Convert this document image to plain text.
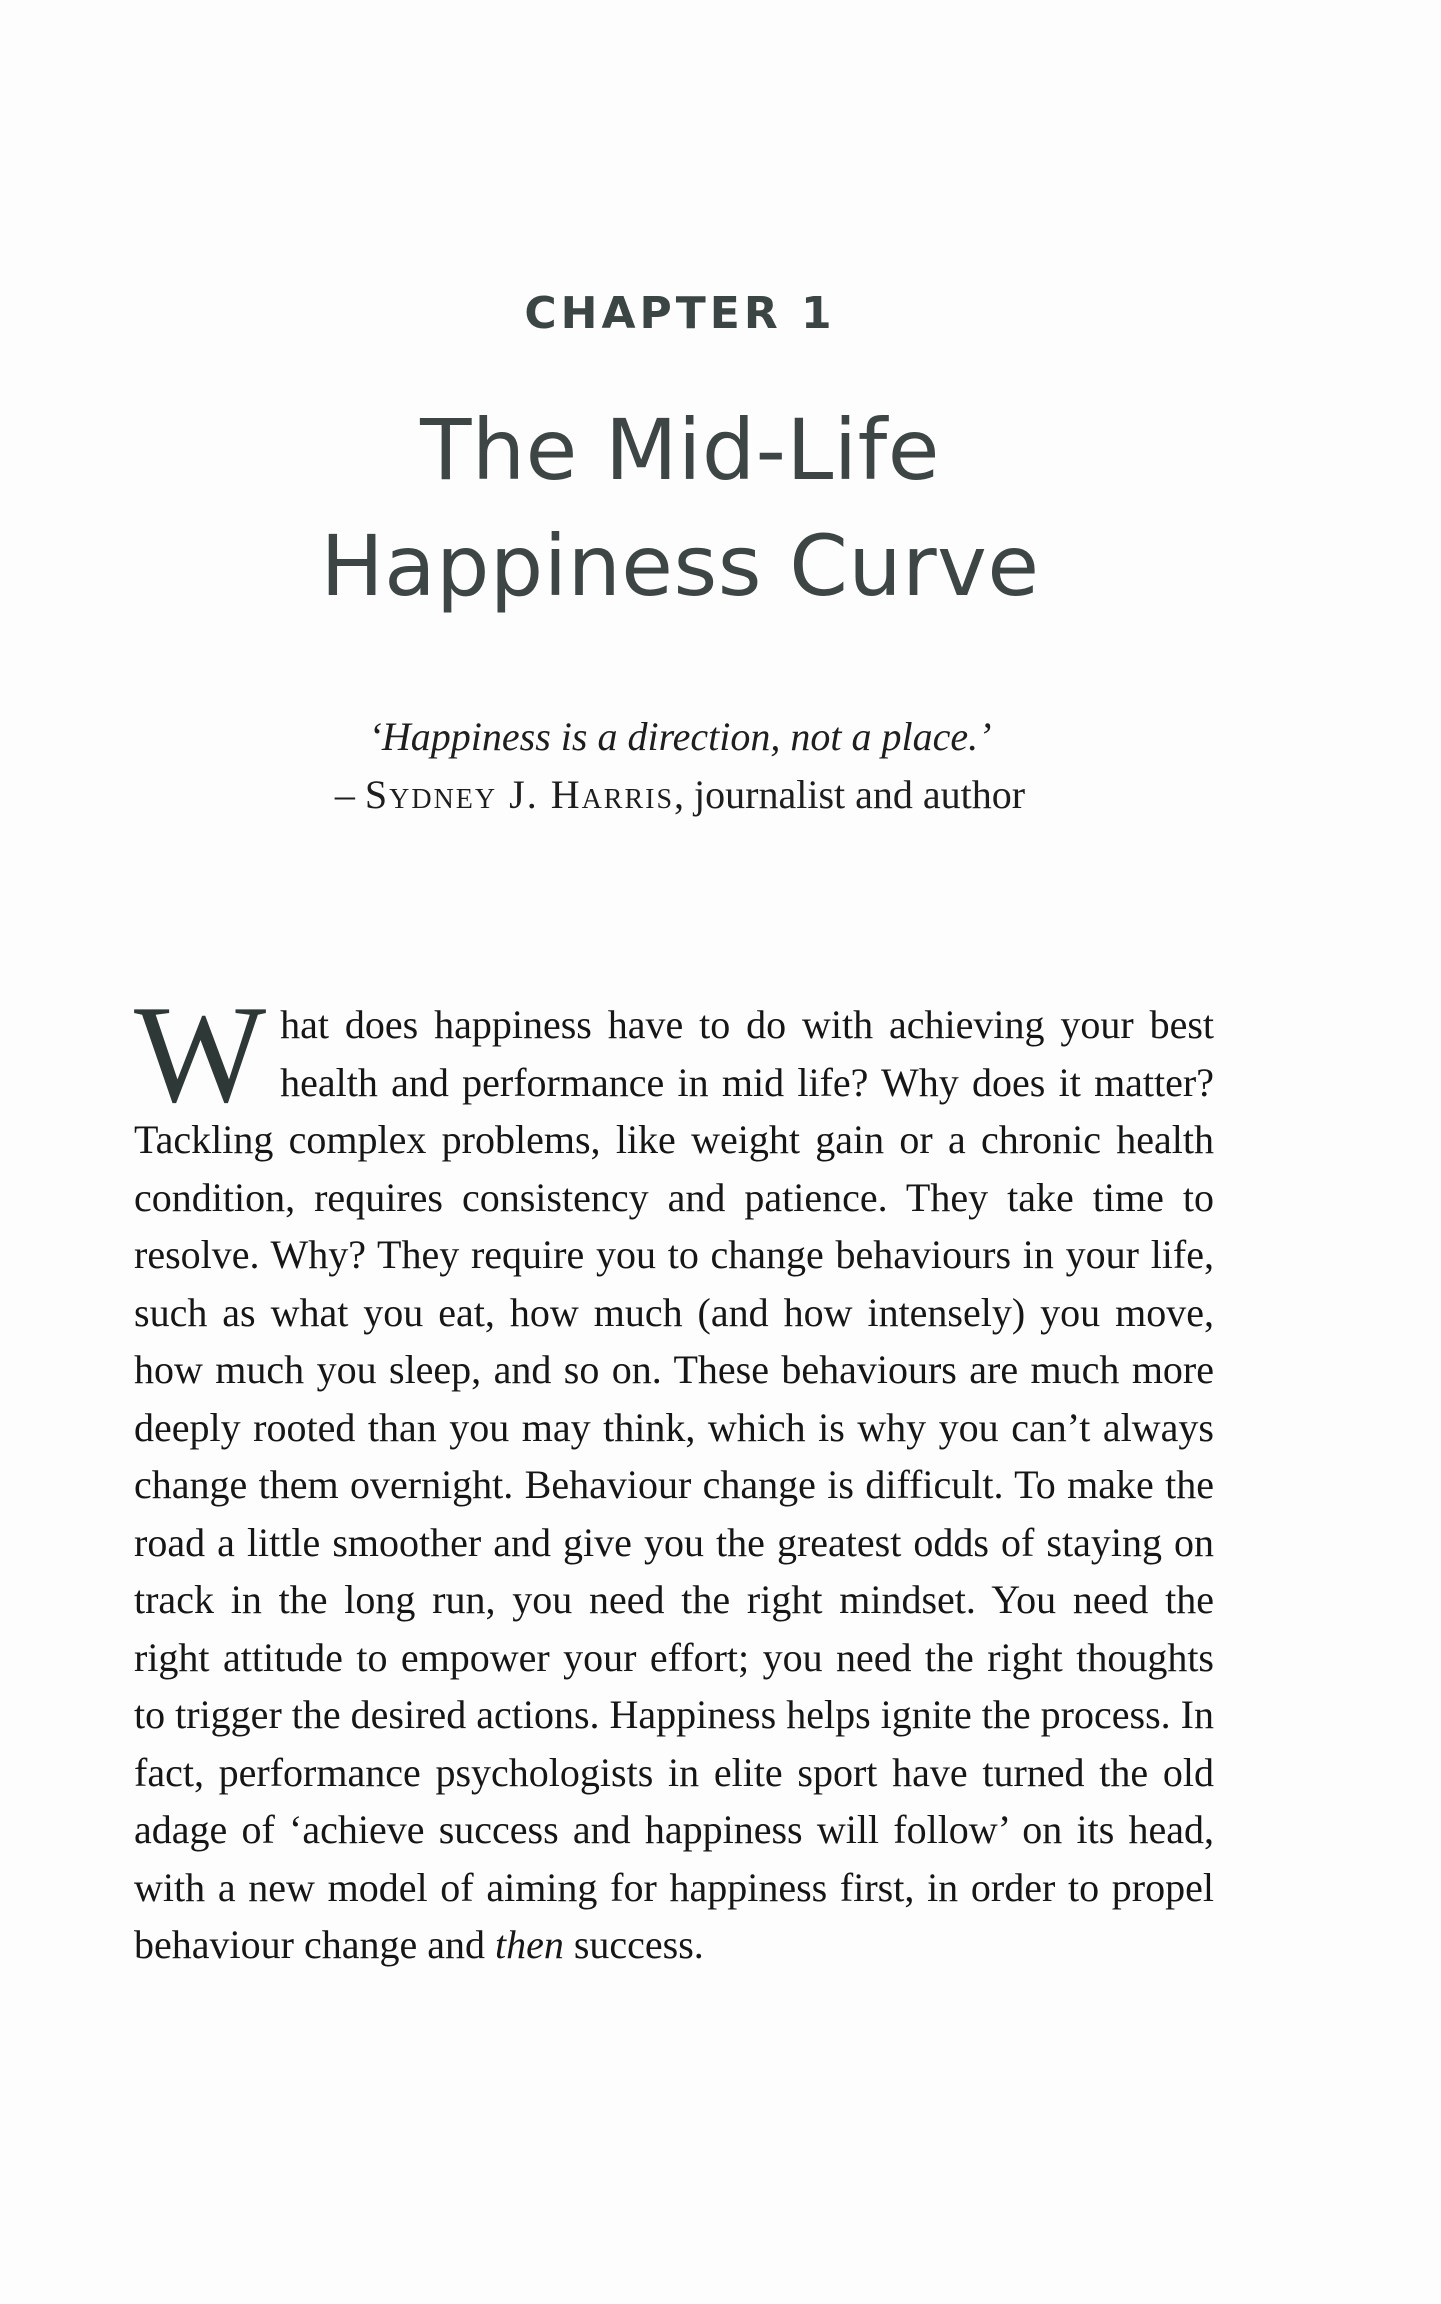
CHAPTER 1
The Mid-Life
Happiness Curve
‘Happiness is a direction, not a place.’
– Sydney J. Harris, journalist and author

What does happiness have to do with achieving your best health and performance in mid life? Why does it matter? Tackling complex problems, like weight gain or a chronic health condition, requires consistency and patience. They take time to resolve. Why? They require you to change behaviours in your life, such as what you eat, how much (and how intensely) you move, how much you sleep, and so on. These behaviours are much more deeply rooted than you may think, which is why you can’t always change them overnight. Behaviour change is difficult. To make the road a little smoother and give you the greatest odds of staying on track in the long run, you need the right mindset. You need the right attitude to empower your effort; you need the right thoughts to trigger the desired actions. Happiness helps ignite the process. In fact, performance psychologists in elite sport have turned the old adage of ‘achieve success and happiness will follow’ on its head, with a new model of aiming for happiness first, in order to propel behaviour change and then success.
